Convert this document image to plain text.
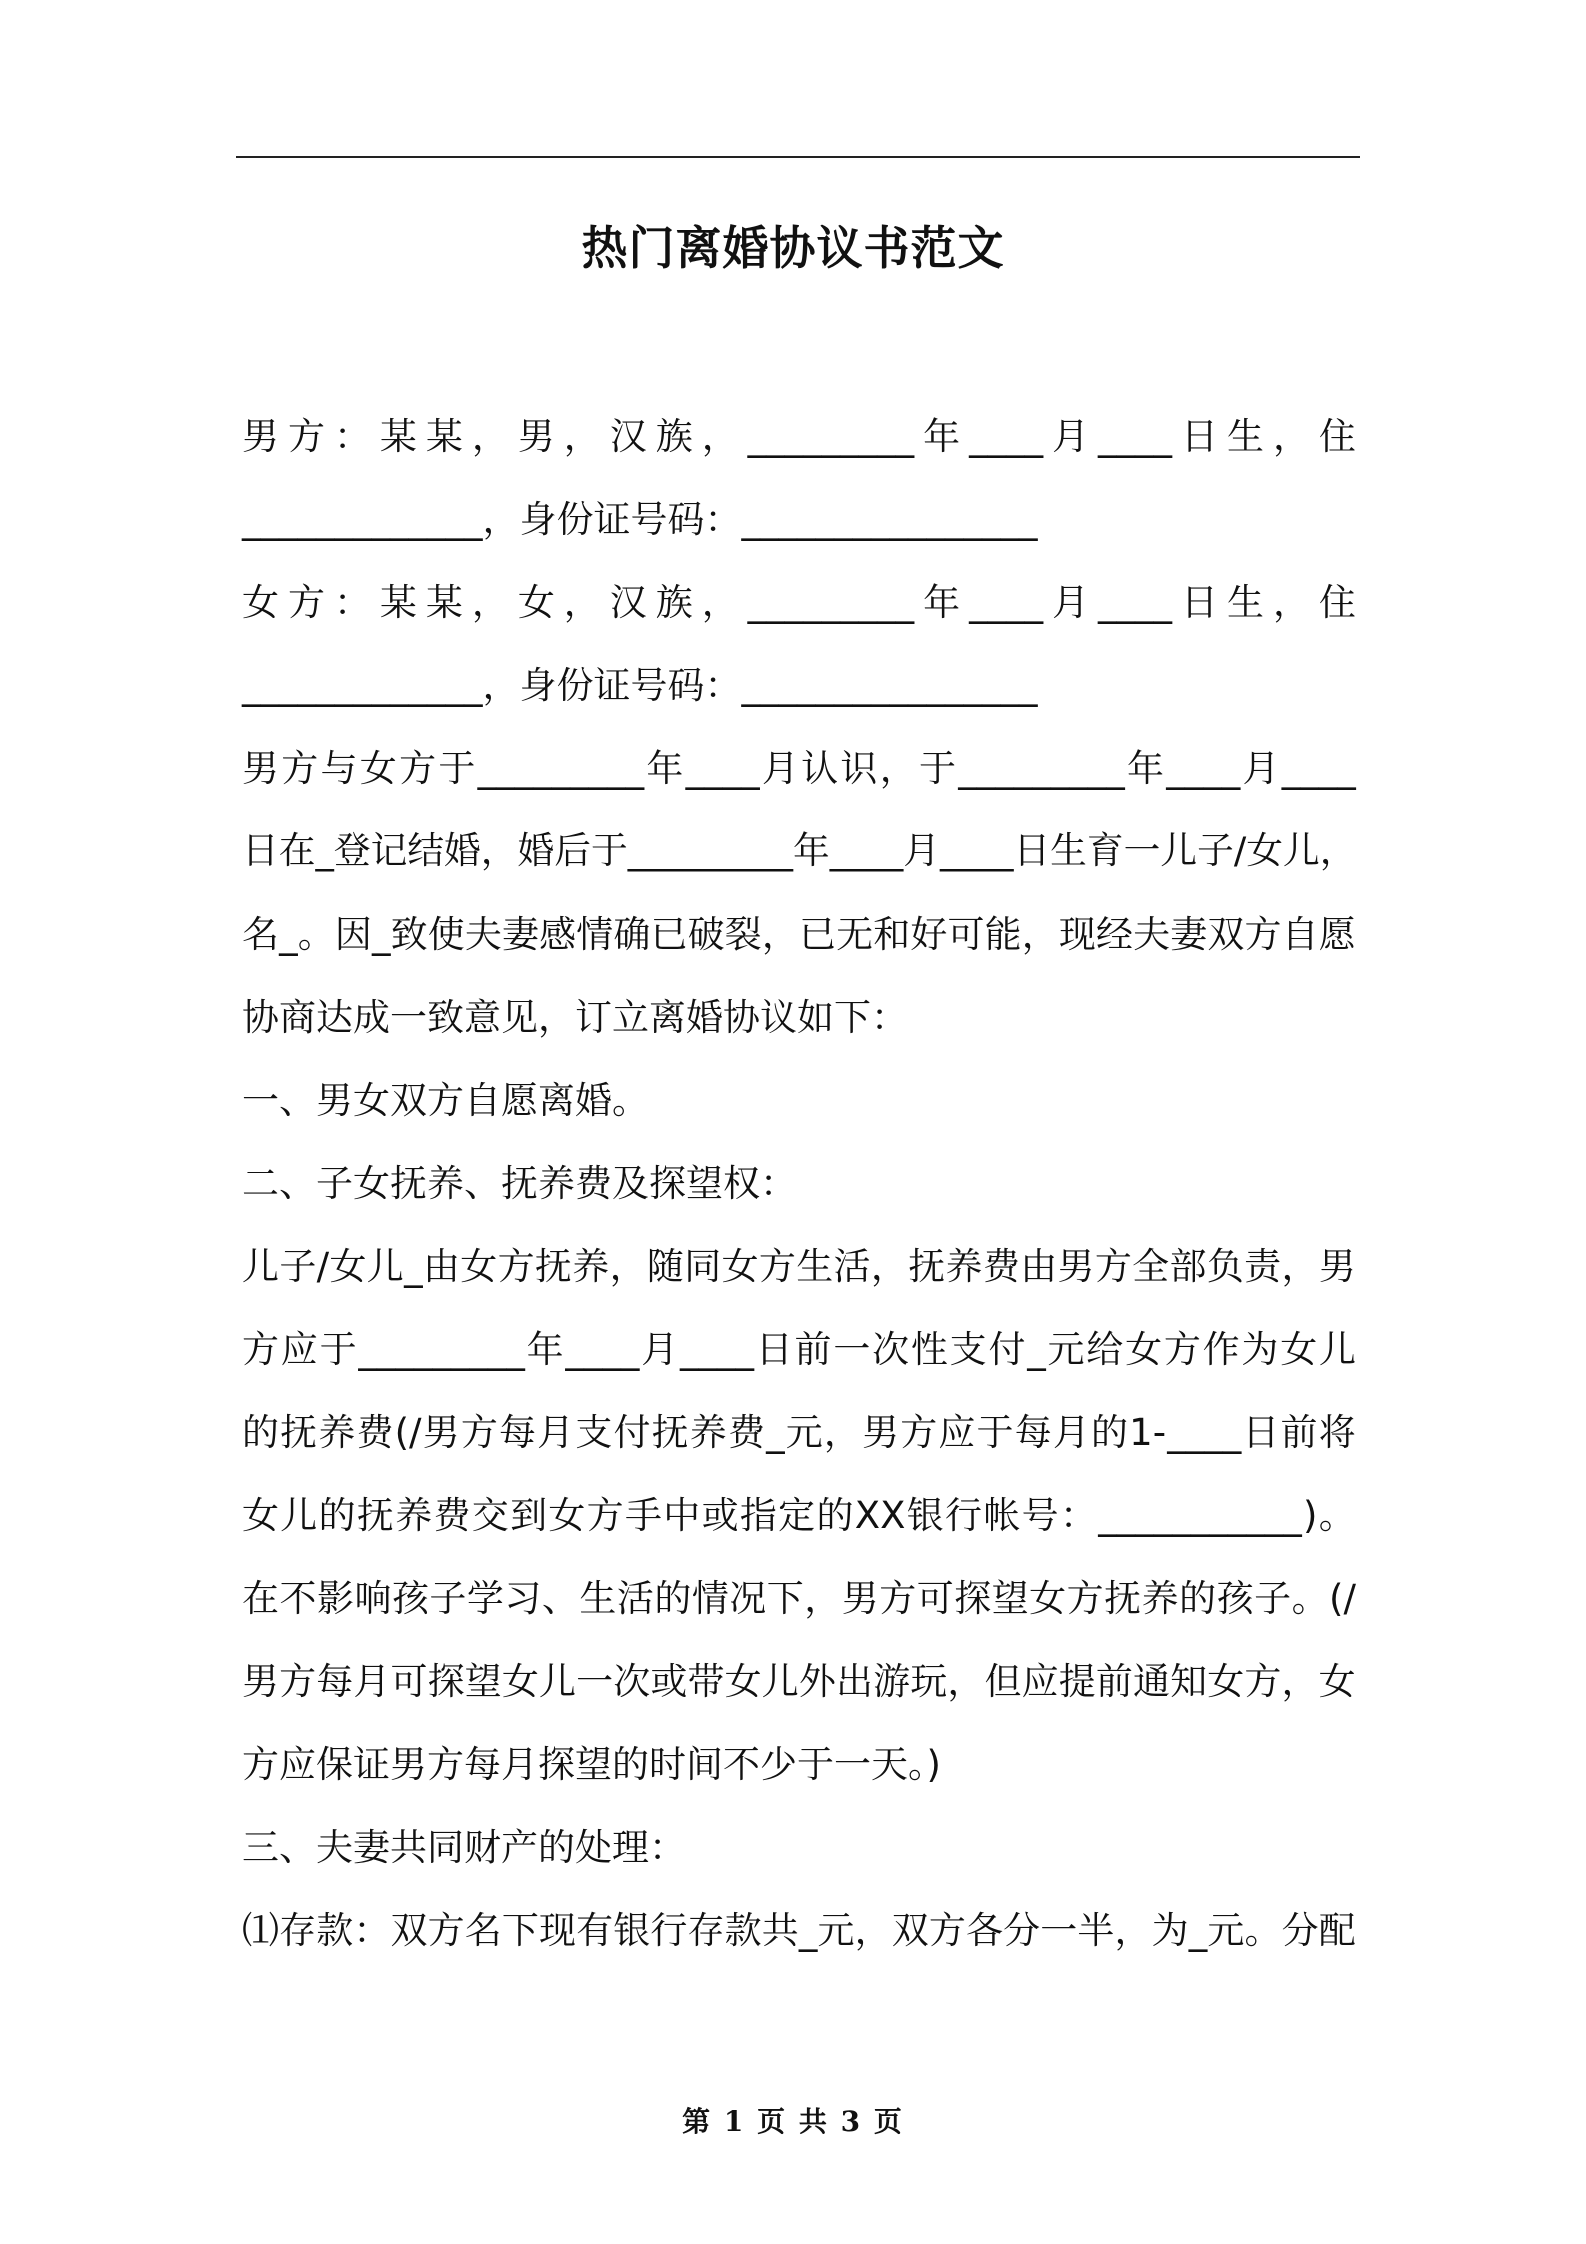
热门离婚协议书范文
男 方 ： 某 某 ， 男 ， 汉 族 ， _________ 年 ____ 月 ____ 日 生 ， 住
_____________，身份证号码：________________
女 方 ： 某 某 ， 女 ， 汉 族 ， _________ 年 ____ 月 ____ 日 生 ， 住
_____________，身份证号码：________________
男 方 与 女 方 于 _________ 年 ____ 月 认 识 ， 于 _________ 年 ____ 月 ____
日 在 _ 登 记 结 婚 ， 婚 后 于 _________ 年 ____ 月 ____ 日 生 育 一 儿 子 / 女 儿 ，
名 _ 。 因 _ 致 使 夫 妻 感 情 确 已 破 裂 ， 已 无 和 好 可 能 ， 现 经 夫 妻 双 方 自 愿
协商达成一致意见，订立离婚协议如下：
一、男女双方自愿离婚。
二、子女抚养、抚养费及探望权：
儿 子 / 女 儿 _ 由 女 方 抚 养 ， 随 同 女 方 生 活 ， 抚 养 费 由 男 方 全 部 负 责 ， 男
方 应 于 _________ 年 ____ 月 ____ 日 前 一 次 性 支 付 _ 元 给 女 方 作 为 女 儿
的 抚 养 费 (/ 男 方 每 月 支 付 抚 养 费 _ 元 ， 男 方 应 于 每 月 的 1- ____ 日 前 将
女 儿 的 抚 养 费 交 到 女 方 手 中 或 指 定 的 XX 银 行 帐 号 ： ___________ ) 。
在 不 影 响 孩 子 学 习 、 生 活 的 情 况 下 ， 男 方 可 探 望 女 方 抚 养 的 孩 子 。 (/
男 方 每 月 可 探 望 女 儿 一 次 或 带 女 儿 外 出 游 玩 ， 但 应 提 前 通 知 女 方 ， 女
方应保证男方每月探望的时间不少于一天。)
三、夫妻共同财产的处理：
⑴ 存 款 ： 双 方 名 下 现 有 银 行 存 款 共 _ 元 ， 双 方 各 分 一 半 ， 为 _ 元 。 分 配
第 1 页 共 3 页
